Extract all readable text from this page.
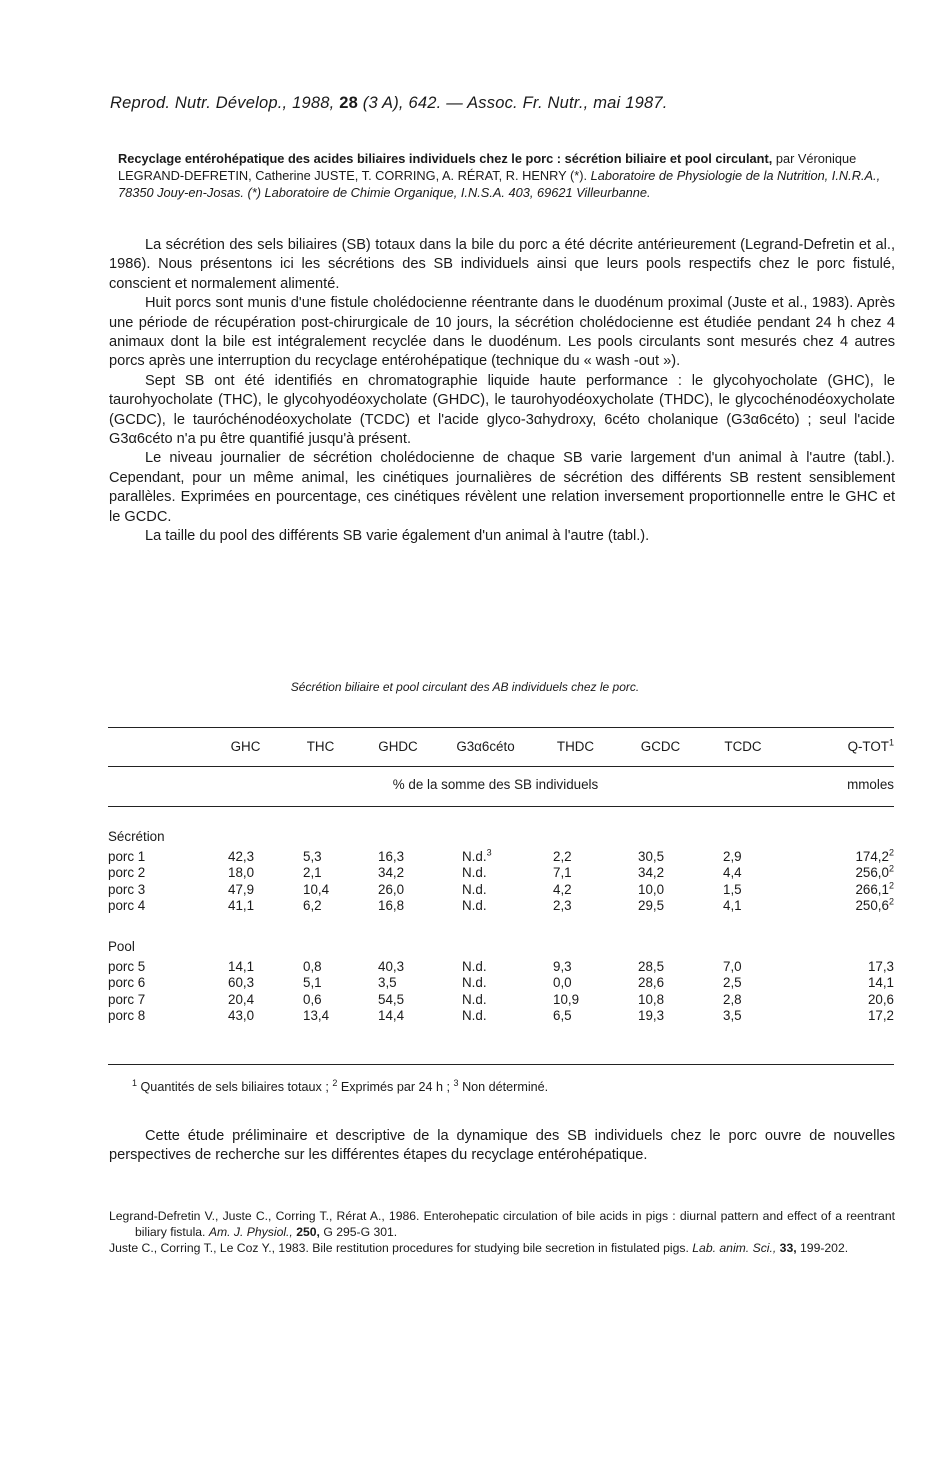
Reprod. Nutr. Dévelop., 1988, 28 (3 A), 642. — Assoc. Fr. Nutr., mai 1987.
Recyclage entérohépatique des acides biliaires individuels chez le porc : sécrétion biliaire et pool circulant, par Véronique LEGRAND-DEFRETIN, Catherine JUSTE, T. CORRING, A. RÉRAT, R. HENRY (*). Laboratoire de Physiologie de la Nutrition, I.N.R.A., 78350 Jouy-en-Josas. (*) Laboratoire de Chimie Organique, I.N.S.A. 403, 69621 Villeurbanne.

La sécrétion des sels biliaires (SB) totaux dans la bile du porc a été décrite antérieurement (Legrand-Defretin et al., 1986). Nous présentons ici les sécrétions des SB individuels ainsi que leurs pools respectifs chez le porc fistulé, conscient et normalement alimenté.

Huit porcs sont munis d'une fistule cholédocienne réentrante dans le duodénum proximal (Juste et al., 1983). Après une période de récupération post-chirurgicale de 10 jours, la sécrétion cholédocienne est étudiée pendant 24 h chez 4 animaux dont la bile est intégralement recyclée dans le duodénum. Les pools circulants sont mesurés chez 4 autres porcs après une interruption du recyclage entérohépatique (technique du « wash -out »).

Sept SB ont été identifiés en chromatographie liquide haute performance : le glycohyocholate (GHC), le taurohyocholate (THC), le glycohyodéoxycholate (GHDC), le taurohyodéoxycholate (THDC), le glycochénodéoxycholate (GCDC), le tauróchénodéoxycholate (TCDC) et l'acide glyco-3αhydroxy, 6céto cholanique (G3α6céto) ; seul l'acide G3α6céto n'a pu être quantifié jusqu'à présent.

Le niveau journalier de sécrétion cholédocienne de chaque SB varie largement d'un animal à l'autre (tabl.). Cependant, pour un même animal, les cinétiques journalières de sécrétion des différents SB restent sensiblement parallèles. Exprimées en pourcentage, ces cinétiques révèlent une relation inversement proportionnelle entre le GHC et le GCDC.

La taille du pool des différents SB varie également d'un animal à l'autre (tabl.).

Sécrétion biliaire et pool circulant des AB individuels chez le porc.
	GHC	THC	GHDC	G3α6céto	THDC	GCDC	TCDC	Q-TOT$^1$
	% de la somme des SB individuels							mmoles
Sécrétion								
porc 1	42,3	5,3	16,3	N.d.$^3$	2,2	30,5	2,9	174,2$^2$
porc 2	18,0	2,1	34,2	N.d.	7,1	34,2	4,4	256,0$^2$
porc 3	47,9	10,4	26,0	N.d.	4,2	10,0	1,5	266,1$^2$
porc 4	41,1	6,2	16,8	N.d.	2,3	29,5	4,1	250,6$^2$
Pool								
porc 5	14,1	0,8	40,3	N.d.	9,3	28,5	7,0	17,3
porc 6	60,3	5,1	3,5	N.d.	0,0	28,6	2,5	14,1
porc 7	20,4	0,6	54,5	N.d.	10,9	10,8	2,8	20,6
porc 8	43,0	13,4	14,4	N.d.	6,5	19,3	3,5	17,2
$^1$ Quantités de sels biliaires totaux ; $^2$ Exprimés par 24 h ; $^3$ Non déterminé.

Cette étude préliminaire et descriptive de la dynamique des SB individuels chez le porc ouvre de nouvelles perspectives de recherche sur les différentes étapes du recyclage entérohépatique.

Legrand-Defretin V., Juste C., Corring T., Rérat A., 1986. Enterohepatic circulation of bile acids in pigs : diurnal pattern and effect of a reentrant biliary fistula. Am. J. Physiol., 250, G 295-G 301.

Juste C., Corring T., Le Coz Y., 1983. Bile restitution procedures for studying bile secretion in fistulated pigs. Lab. anim. Sci., 33, 199-202.
